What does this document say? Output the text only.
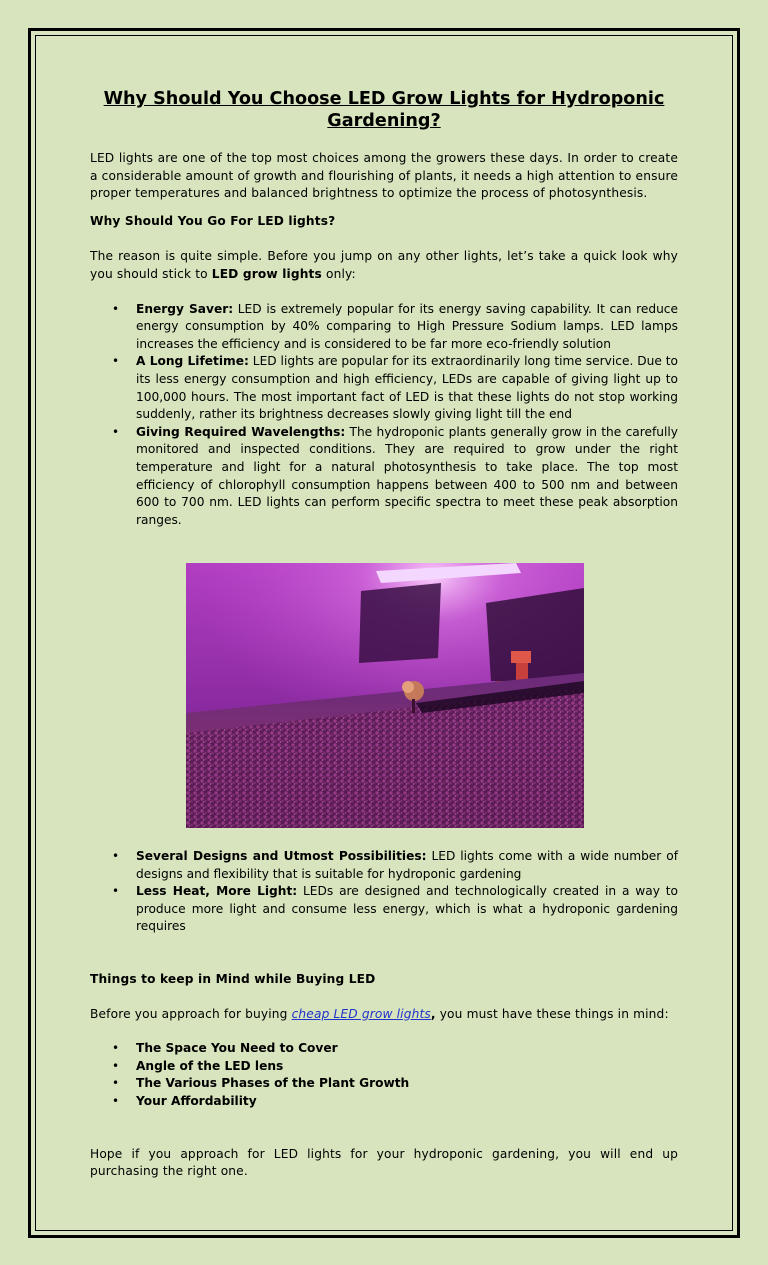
Why Should You Choose LED Grow Lights for Hydroponic Gardening?

LED lights are one of the top most choices among the growers these days. In order to create a considerable amount of growth and flourishing of plants, it needs a high attention to ensure proper temperatures and balanced brightness to optimize the process of photosynthesis.

Why Should You Go For LED lights?

The reason is quite simple. Before you jump on any other lights, let’s take a quick look why you should stick to LED grow lights only:

• Energy Saver: LED is extremely popular for its energy saving capability. It can reduce energy consumption by 40% comparing to High Pressure Sodium lamps. LED lamps increases the efficiency and is considered to be far more eco-friendly solution
• A Long Lifetime: LED lights are popular for its extraordinarily long time service. Due to its less energy consumption and high efficiency, LEDs are capable of giving light up to 100,000 hours. The most important fact of LED is that these lights do not stop working suddenly, rather its brightness decreases slowly giving light till the end
• Giving Required Wavelengths: The hydroponic plants generally grow in the carefully monitored and inspected conditions. They are required to grow under the right temperature and light for a natural photosynthesis to take place. The top most efficiency of chlorophyll consumption happens between 400 to 500 nm and between 600 to 700 nm. LED lights can perform specific spectra to meet these peak absorption ranges.
• Several Designs and Utmost Possibilities: LED lights come with a wide number of designs and flexibility that is suitable for hydroponic gardening
• Less Heat, More Light: LEDs are designed and technologically created in a way to produce more light and consume less energy, which is what a hydroponic gardening requires

Things to keep in Mind while Buying LED

Before you approach for buying cheap LED grow lights, you must have these things in mind:

• The Space You Need to Cover
• Angle of the LED lens
• The Various Phases of the Plant Growth
• Your Affordability

Hope if you approach for LED lights for your hydroponic gardening, you will end up purchasing the right one.
